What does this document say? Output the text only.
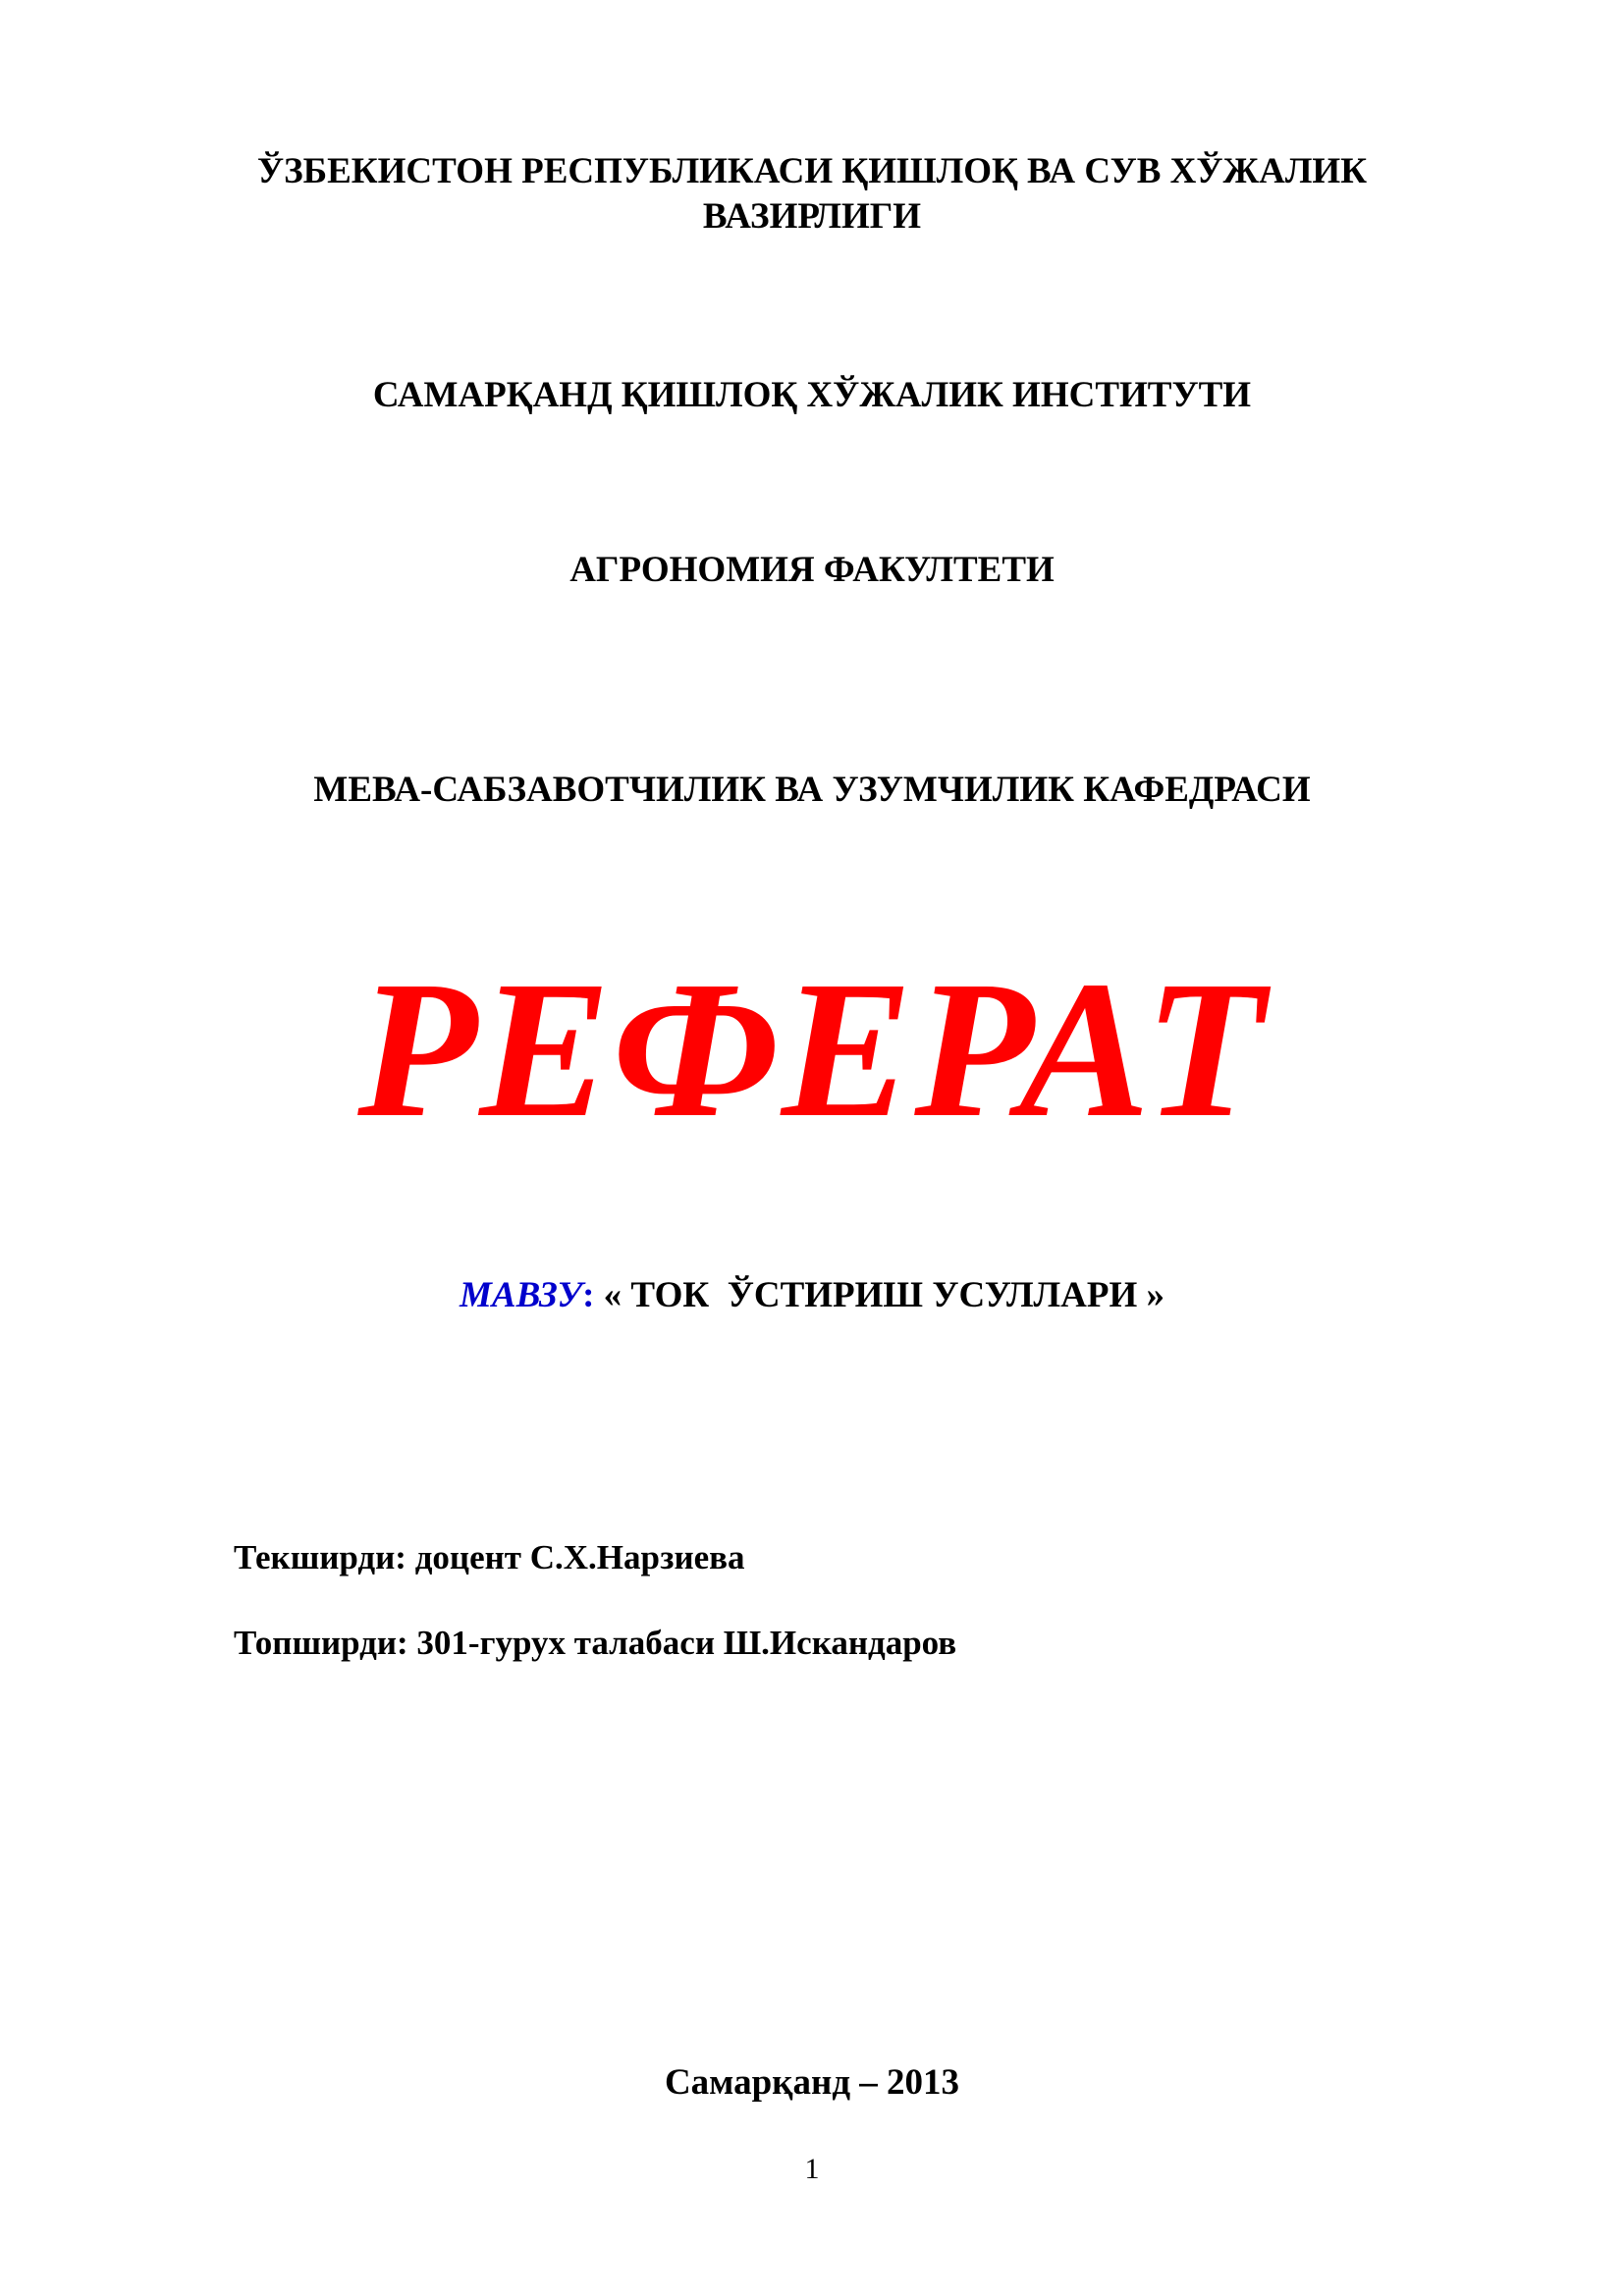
ЎЗБЕКИСТОН РЕСПУБЛИКАСИ ҚИШЛОҚ ВА СУВ ХЎЖАЛИК
ВАЗИРЛИГИ
САМАРҚАНД ҚИШЛОҚ ХЎЖАЛИК ИНСТИТУТИ
АГРОНОМИЯ ФАКУЛТЕТИ
МЕВА-САБЗАВОТЧИЛИК ВА УЗУМЧИЛИК КАФЕДРАСИ
РЕФЕРАТ
МАВЗУ: « ТОК  ЎСТИРИШ УСУЛЛАРИ »
Текширди: доцент С.Х.Нарзиева
Топширди: 301-гурух талабаси Ш.Искандаров
Самарқанд – 2013
1
